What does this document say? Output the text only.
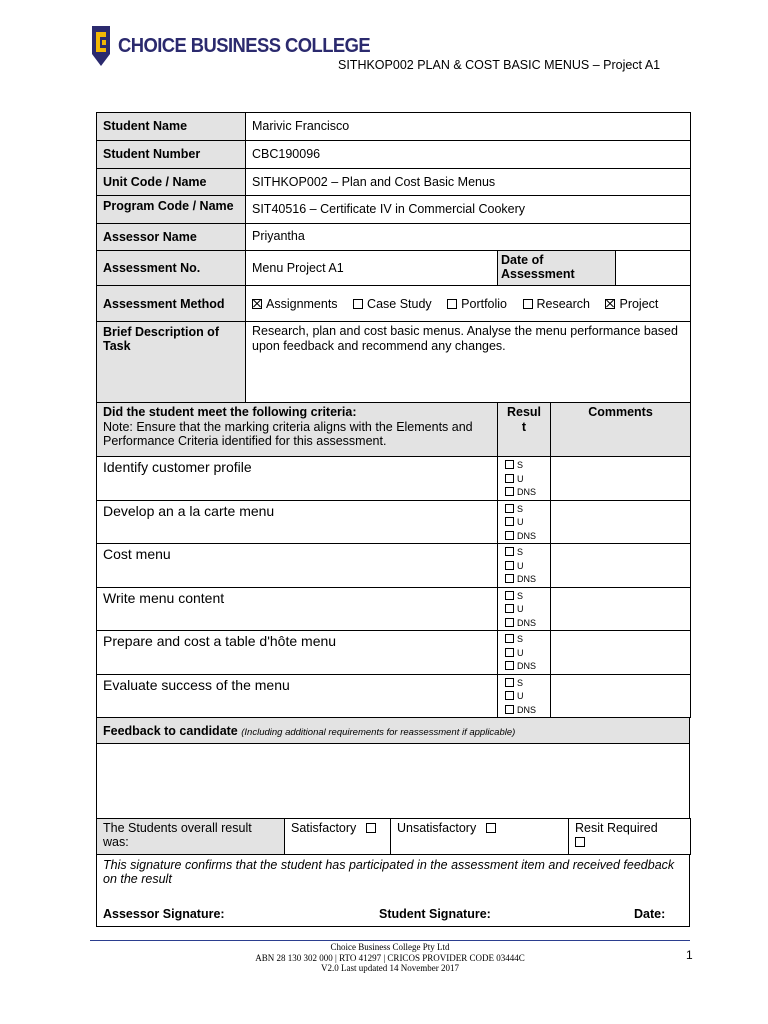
CHOICE BUSINESS COLLEGE
SITHKOP002 PLAN & COST BASIC MENUS – Project A1
Student Name	Marivic Francisco		
Student Number	CBC190096		
Unit Code / Name	SITHKOP002 – Plan and Cost Basic Menus		

Program Code / Name	SIT40516 – Certificate IV in Commercial Cookery		
Assessor Name	Priyantha		
Assessment No.	Menu Project A1	Date of Assessment	
Assessment Method	Assignments Case Study Portfolio Research Project		
Brief Description of Task	Research, plan and cost basic menus. Analyse the menu performance based upon feedback and recommend any changes.		
Did the student meet the following criteria:
Note: Ensure that the marking criteria aligns with the Elements and Performance Criteria identified for this assessment.	Result	Comments
Identify customer profile	S
U
DNS	

Develop an a la carte menu	S
U
DNS	

Cost menu	S
U
DNS	

Write menu content	S
U
DNS	

Prepare and cost a table d'hôte menu	S
U
DNS	

Evaluate success of the menu	S
U
DNS	

Feedback to candidate (Including additional requirements for reassessment if applicable)

The Students overall result was:	Satisfactory	Unsatisfactory	Resit Required
This signature confirms that the student has participated in the assessment item and received feedback on the result
Assessor Signature:	Student Signature:	Date:
Choice Business College Pty Ltd
ABN 28 130 302 000 | RTO 41297 | CRICOS PROVIDER CODE 03444C
V2.0 Last updated 14 November 2017
1
